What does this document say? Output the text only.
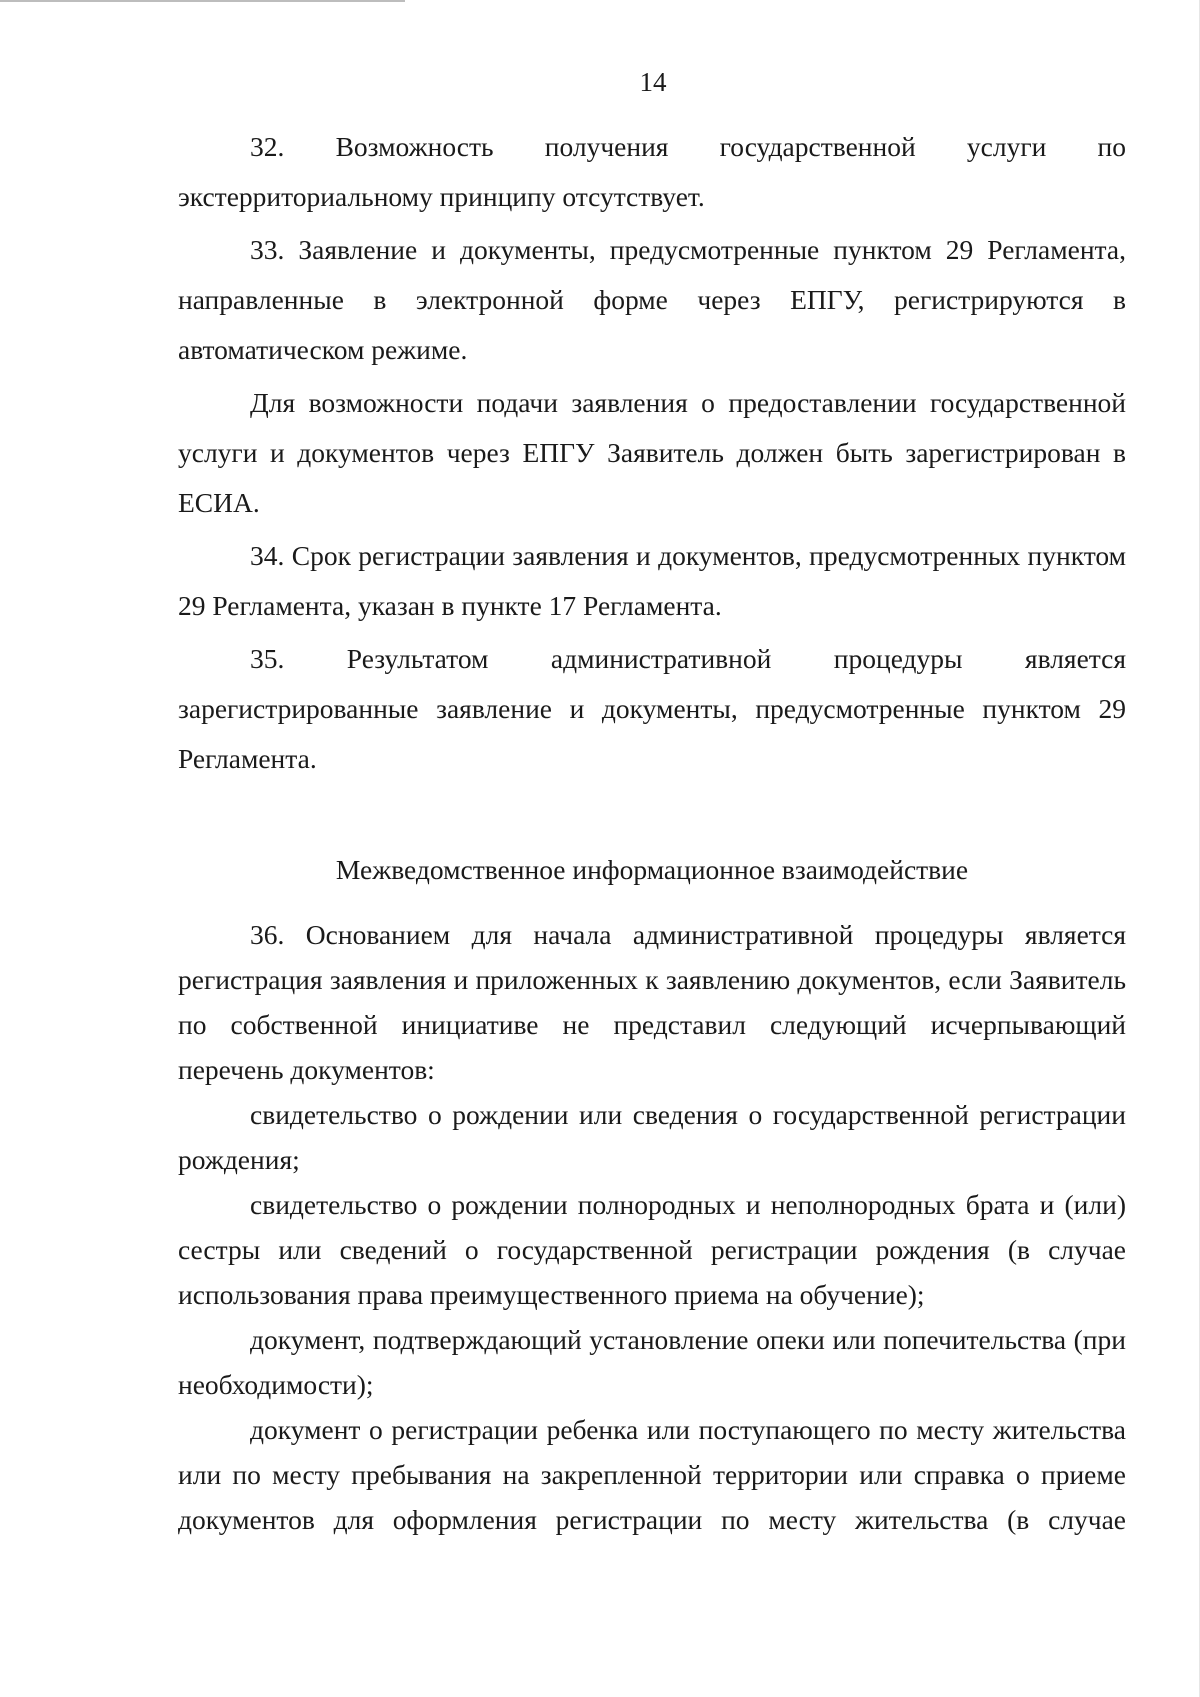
14

32. Возможность получения государственной услуги по экстерриториальному принципу отсутствует.

33. Заявление и документы, предусмотренные пунктом 29 Регламента, направленные в электронной форме через ЕПГУ, регистрируются в автоматическом режиме.

Для возможности подачи заявления о предоставлении государственной услуги и документов через ЕПГУ Заявитель должен быть зарегистрирован в ЕСИА.

34. Срок регистрации заявления и документов, предусмотренных пунктом 29 Регламента, указан в пункте 17 Регламента.

35. Результатом административной процедуры является зарегистрированные заявление и документы, предусмотренные пунктом 29 Регламента.

Межведомственное информационное взаимодействие

36. Основанием для начала административной процедуры является регистрация заявления и приложенных к заявлению документов, если Заявитель по собственной инициативе не представил следующий исчерпывающий перечень документов:

свидетельство о рождении или сведения о государственной регистрации рождения;

свидетельство о рождении полнородных и неполнородных брата и (или) сестры или сведений о государственной регистрации рождения (в случае использования права преимущественного приема на обучение);

документ, подтверждающий установление опеки или попечительства (при необходимости);

документ о регистрации ребенка или поступающего по месту жительства или по месту пребывания на закрепленной территории или справка о приеме документов для оформления регистрации по месту жительства (в случае
